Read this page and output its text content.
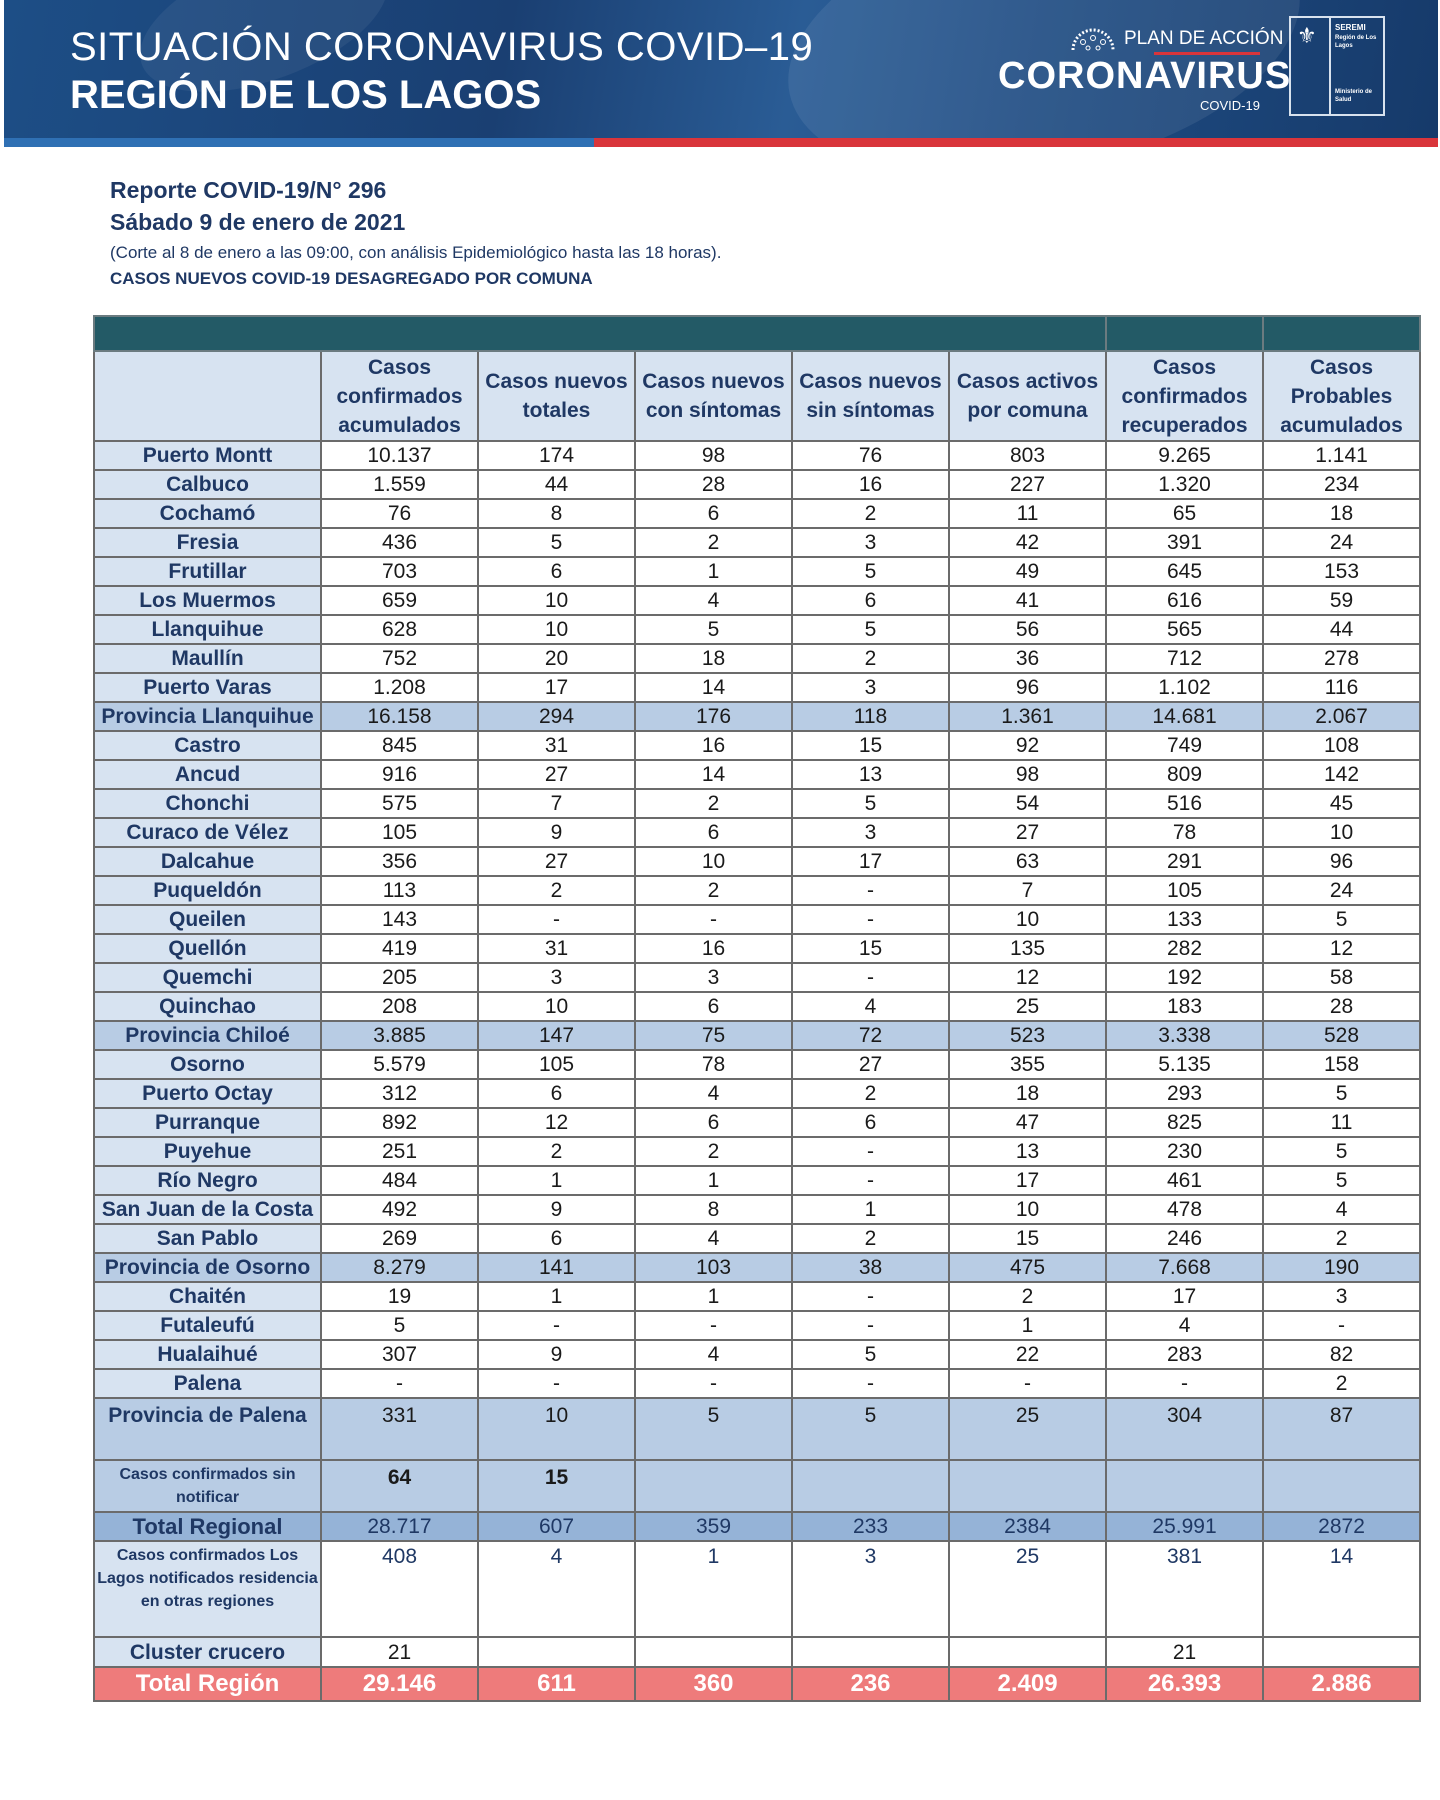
SITUACIÓN CORONAVIRUS COVID–19
REGIÓN DE LOS LAGOS
PLAN DE ACCIÓN
CORONAVIRUS
COVID-19
⚜ SEREMI
Región de Los Lagos
Ministerio de Salud
Reporte COVID-19/N° 296
Sábado 9 de enero de 2021
(Corte al 8 de enero a las 09:00, con análisis Epidemiológico hasta las 18 horas).
CASOS NUEVOS COVID-19 DESAGREGADO POR COMUNA

	Casos confirmados acumulados	Casos nuevos totales	Casos nuevos con síntomas	Casos nuevos sin síntomas	Casos activos por comuna	Casos confirmados recuperados	Casos Probables acumulados
Puerto Montt	10.137	174	98	76	803	9.265	1.141
Calbuco	1.559	44	28	16	227	1.320	234
Cochamó	76	8	6	2	11	65	18
Fresia	436	5	2	3	42	391	24
Frutillar	703	6	1	5	49	645	153
Los Muermos	659	10	4	6	41	616	59
Llanquihue	628	10	5	5	56	565	44
Maullín	752	20	18	2	36	712	278
Puerto Varas	1.208	17	14	3	96	1.102	116
Provincia Llanquihue	16.158	294	176	118	1.361	14.681	2.067
Castro	845	31	16	15	92	749	108
Ancud	916	27	14	13	98	809	142
Chonchi	575	7	2	5	54	516	45
Curaco de Vélez	105	9	6	3	27	78	10
Dalcahue	356	27	10	17	63	291	96
Puqueldón	113	2	2	-	7	105	24
Queilen	143	-	-	-	10	133	5
Quellón	419	31	16	15	135	282	12
Quemchi	205	3	3	-	12	192	58
Quinchao	208	10	6	4	25	183	28
Provincia Chiloé	3.885	147	75	72	523	3.338	528
Osorno	5.579	105	78	27	355	5.135	158
Puerto Octay	312	6	4	2	18	293	5
Purranque	892	12	6	6	47	825	11
Puyehue	251	2	2	-	13	230	5
Río Negro	484	1	1	-	17	461	5
San Juan de la Costa	492	9	8	1	10	478	4
San Pablo	269	6	4	2	15	246	2
Provincia de Osorno	8.279	141	103	38	475	7.668	190
Chaitén	19	1	1	-	2	17	3
Futaleufú	5	-	-	-	1	4	-
Hualaihué	307	9	4	5	22	283	82
Palena	-	-	-	-	-	-	2
Provincia de Palena	331	10	5	5	25	304	87
Casos confirmados sin notificar	64	15					
Total Regional	28.717	607	359	233	2384	25.991	2872
Casos confirmados Los Lagos notificados residencia en otras regiones	408	4	1	3	25	381	14
Cluster crucero	21					21	
Total Región	29.146	611	360	236	2.409	26.393	2.886
